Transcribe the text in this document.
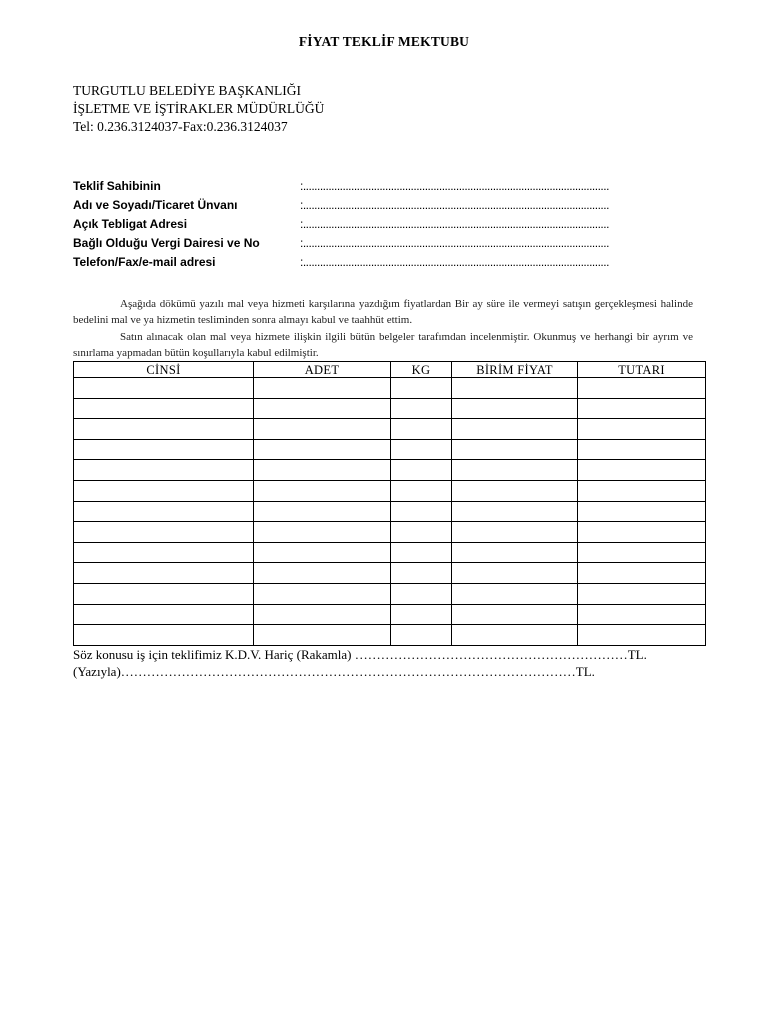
FİYAT TEKLİF MEKTUBU
TURGUTLU BELEDİYE BAŞKANLIĞI
İŞLETME VE İŞTİRAKLER MÜDÜRLÜĞÜ
Tel: 0.236.3124037-Fax:0.236.3124037
Teklif Sahibinin	:............................................................................................................
Adı ve Soyadı/Ticaret Ünvanı	:............................................................................................................
Açık Tebligat Adresi	:............................................................................................................
Bağlı Olduğu Vergi Dairesi ve No	:............................................................................................................
Telefon/Fax/e-mail adresi	:............................................................................................................
Aşağıda dökümü yazılı mal veya hizmeti karşılarına yazdığım fiyatlardan Bir ay süre ile vermeyi satışın gerçekleşmesi halinde bedelini mal ve ya hizmetin tesliminden sonra almayı kabul ve taahhüt ettim.
Satın alınacak olan mal veya hizmete ilişkin ilgili bütün belgeler tarafımdan incelenmiştir. Okunmuş ve herhangi bir ayrım ve sınırlama yapmadan bütün koşullarıyla kabul edilmiştir.
CİNSİ	ADET	KG	BİRİM FİYAT	TUTARI

Söz konusu iş için teklifimiz K.D.V. Hariç (Rakamla) ………………………………………………………TL.
(Yazıyla)……………………………………………………………………………………………TL.
